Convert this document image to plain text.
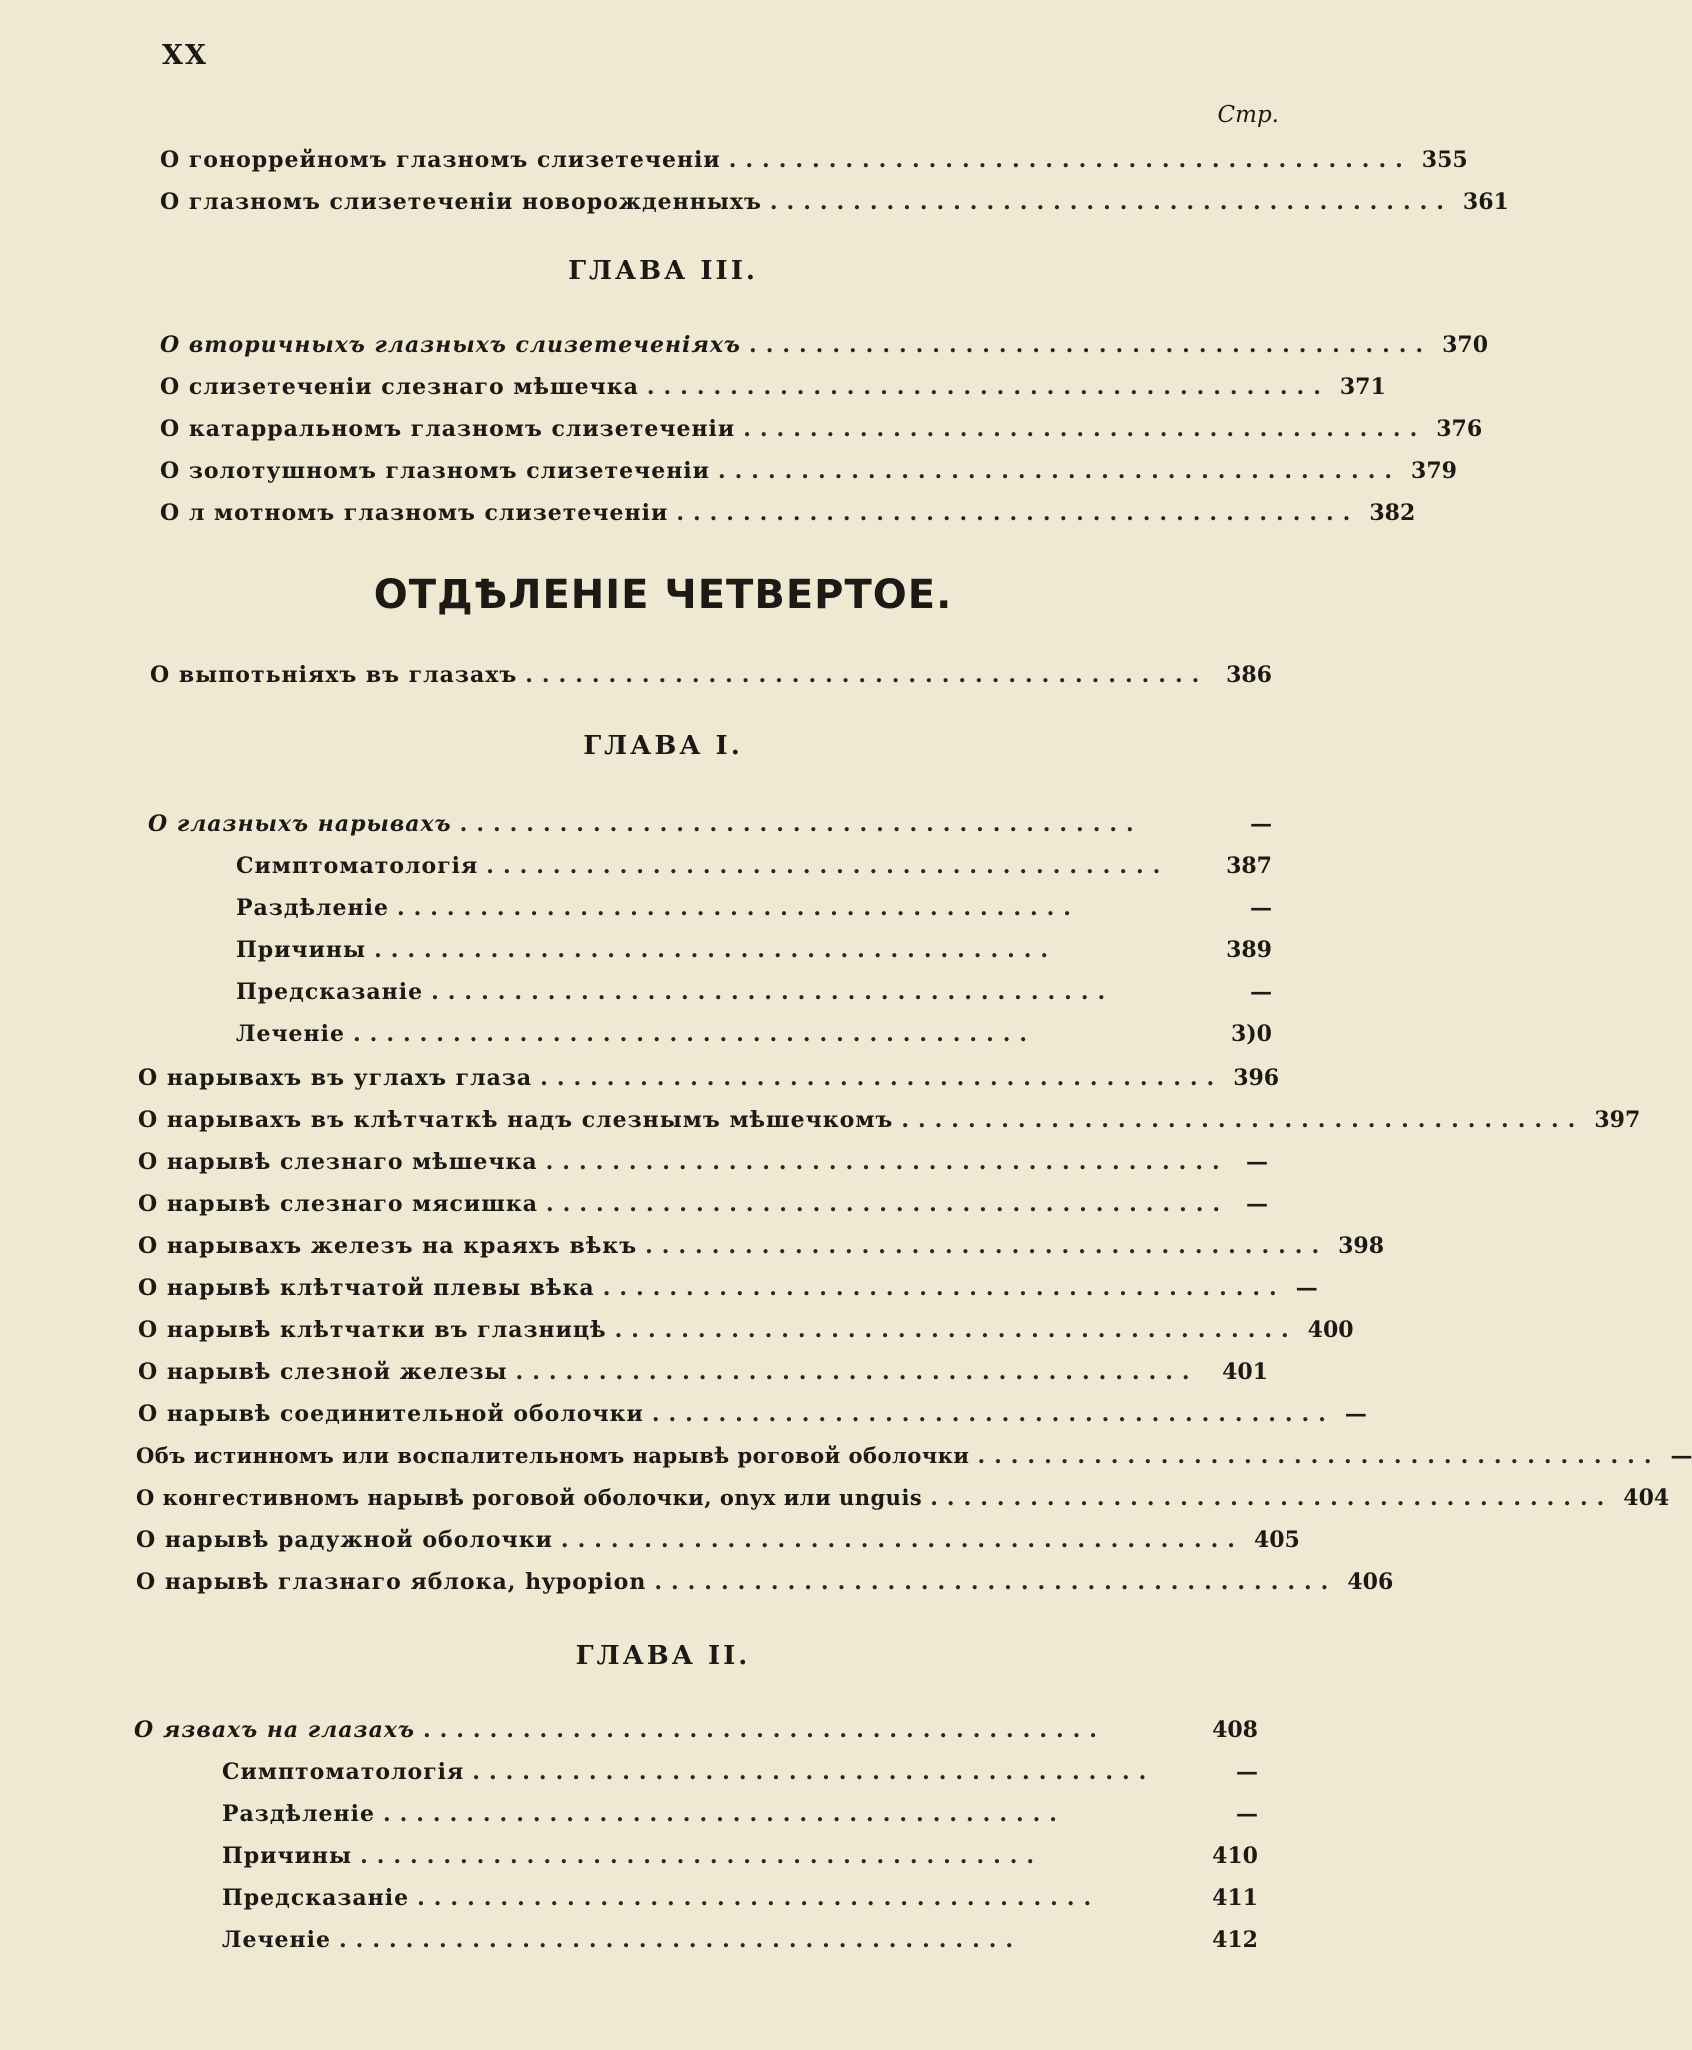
XX
Стр.
О гоноррейномъ глазномъ слизетеченіи ......................................... 355
О глазномъ слизетеченіи новорожденныхъ ......................................... 361
ГЛАВА III.
О вторичныхъ глазныхъ слизетеченіяхъ ......................................... 370
О слизетеченіи слезнаго мѣшечка ......................................... 371
О катарральномъ глазномъ слизетеченіи ......................................... 376
О золотушномъ глазномъ слизетеченіи ......................................... 379
О л мотномъ глазномъ слизетеченіи ......................................... 382
ОТДѢЛЕНІЕ ЧЕТВЕРТОЕ.
О выпотьніяхъ въ глазахъ ......................................... 386
ГЛАВА I.
О глазныхъ нарывахъ .........................................	—
Симптоматологія .........................................	387
Раздѣленіе .........................................	—
Причины .........................................	389
Предсказаніе .........................................	—
Леченіе .........................................	3)0
О нарывахъ въ углахъ глаза ......................................... 396
О нарывахъ въ клѣтчаткѣ надъ слезнымъ мѣшечкомъ ......................................... 397
О нарывѣ слезнаго мѣшечка ......................................... —
О нарывѣ слезнаго мясишка ......................................... —
О нарывахъ железъ на краяхъ вѣкъ ......................................... 398
О нарывѣ клѣтчатой плевы вѣка ......................................... —
О нарывѣ клѣтчатки въ глазницѣ ......................................... 400
О нарывѣ слезной железы .........................................	401
О нарывѣ соединительной оболочки ......................................... —
Объ истинномъ или воспалительномъ нарывѣ роговой оболочки ......................................... —
О конгестивномъ нарывѣ роговой оболочки, onyx или unguis ......................................... 404
О нарывѣ радужной оболочки ......................................... 405
О нарывѣ глазнаго яблока, hypopion ......................................... 406
ГЛАВА II.
О язвахъ на глазахъ .........................................	408
Симптоматологія .........................................	—
Раздѣленіе .........................................	—
Причины .........................................	410
Предсказаніе .........................................	411
Леченіе .........................................	412
